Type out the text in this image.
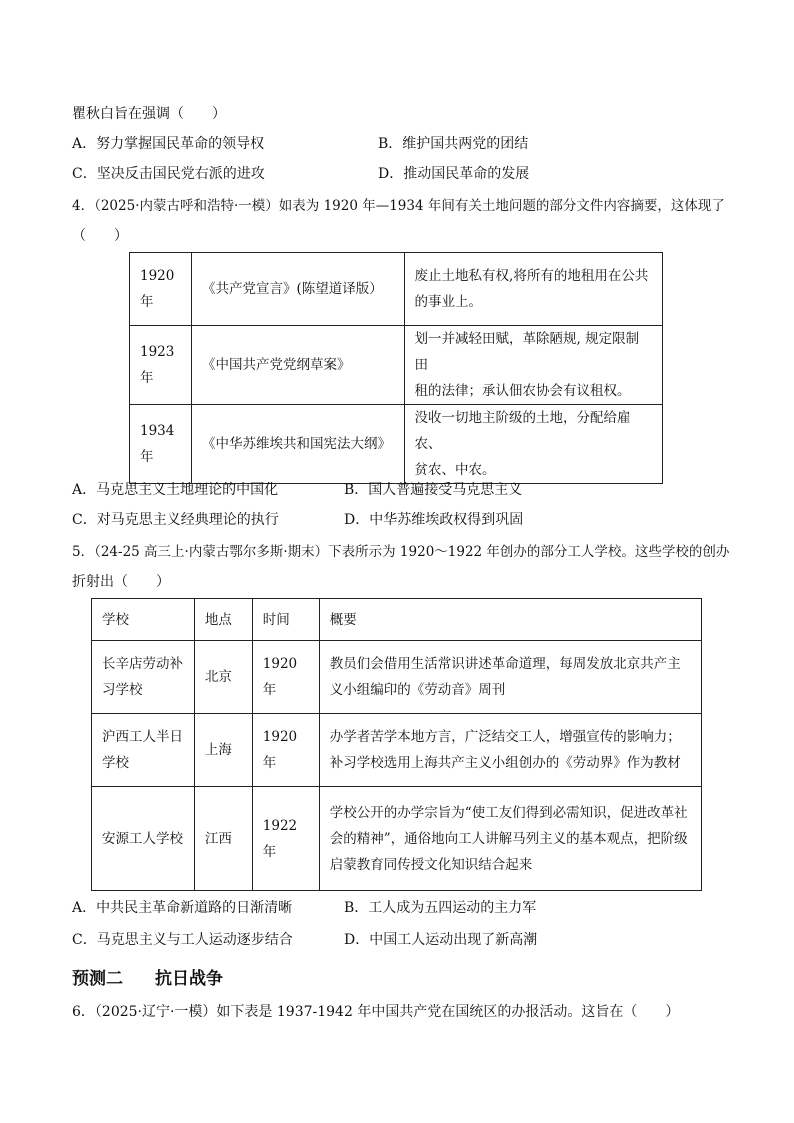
瞿秋白旨在强调（　　）
A．努力掌握国民革命的领导权	B．维护国共两党的团结
C．坚决反击国民党右派的进攻	D．推动国民革命的发展
4．（2025·内蒙古呼和浩特·一模）如表为 1920 年—1934 年间有关土地问题的部分文件内容摘要，这体现了
（　　）
1920年	《共产党宣言》(陈望道译版）	废止土地私有权,将所有的地租用在公共
的事业上。
1923年	《中国共产党党纲草案》	划一并减轻田赋，革除陋规, 规定限制田
租的法律；承认佃农协会有议租权。
1934年	《中华苏维埃共和国宪法大纲》	没收一切地主阶级的土地，分配给雇农、
贫农、中农。
A．马克思主义土地理论的中国化	B．国人普遍接受马克思主义
C．对马克思主义经典理论的执行	D．中华苏维埃政权得到巩固
5．（24-25 高三上·内蒙古鄂尔多斯·期末）下表所示为 1920～1922 年创办的部分工人学校。这些学校的创办
折射出（　　）
学校	地点	时间	概要
长辛店劳动补
习学校	北京	1920 年	教员们会借用生活常识讲述革命道理，每周发放北京共产主
义小组编印的《劳动音》周刊
沪西工人半日
学校	上海	1920 年	办学者苦学本地方言，广泛结交工人，增强宣传的影响力；
补习学校选用上海共产主义小组创办的《劳动界》作为教材
安源工人学校	江西	1922 年	学校公开的办学宗旨为“使工友们得到必需知识，促进改革社
会的精神”，通俗地向工人讲解马列主义的基本观点，把阶级
启蒙教育同传授文化知识结合起来
A．中共民主革命新道路的日渐清晰	B．工人成为五四运动的主力军
C．马克思主义与工人运动逐步结合	D．中国工人运动出现了新高潮
预测二 抗日战争
6．（2025·辽宁·一模）如下表是 1937-1942 年中国共产党在国统区的办报活动。这旨在（　　）
